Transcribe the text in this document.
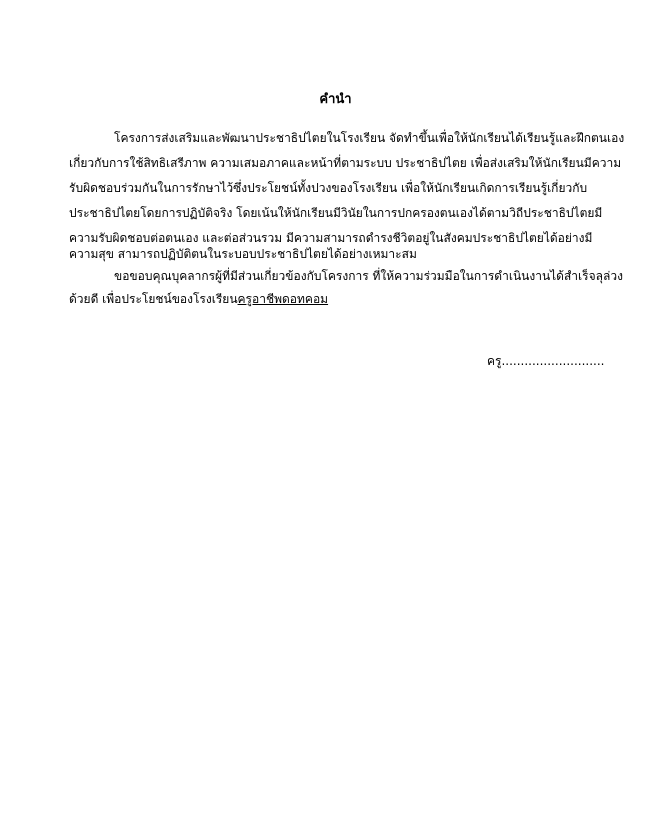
คำนำ
โครงการส่งเสริมและพัฒนาประชาธิปไตยในโรงเรียน จัดทำขึ้นเพื่อให้นักเรียนได้เรียนรู้และฝึกตนเอง
เกี่ยวกับการใช้สิทธิเสรีภาพ ความเสมอภาคและหน้าที่ตามระบบ ประชาธิปไตย เพื่อส่งเสริมให้นักเรียนมีความ
รับผิดชอบร่วมกันในการรักษาไว้ซึ่งประโยชน์ทั้งปวงของโรงเรียน เพื่อให้นักเรียนเกิดการเรียนรู้เกี่ยวกับ
ประชาธิปไตยโดยการปฏิบัติจริง โดยเน้นให้นักเรียนมีวินัยในการปกครองตนเองได้ตามวิถีประชาธิปไตยมี
ความรับผิดชอบต่อตนเอง และต่อส่วนรวม มีความสามารถดำรงชีวิตอยู่ในสังคมประชาธิปไตยได้อย่างมี
ความสุข สามารถปฏิบัติตนในระบอบประชาธิปไตยได้อย่างเหมาะสม
ขอขอบคุณบุคลากรผู้ที่มีส่วนเกี่ยวข้องกับโครงการ ที่ให้ความร่วมมือในการดำเนินงานได้สำเร็จลุล่วง
ด้วยดี เพื่อประโยชน์ของโรงเรียนครูอาชีพดอทคอม
ครู...........................
